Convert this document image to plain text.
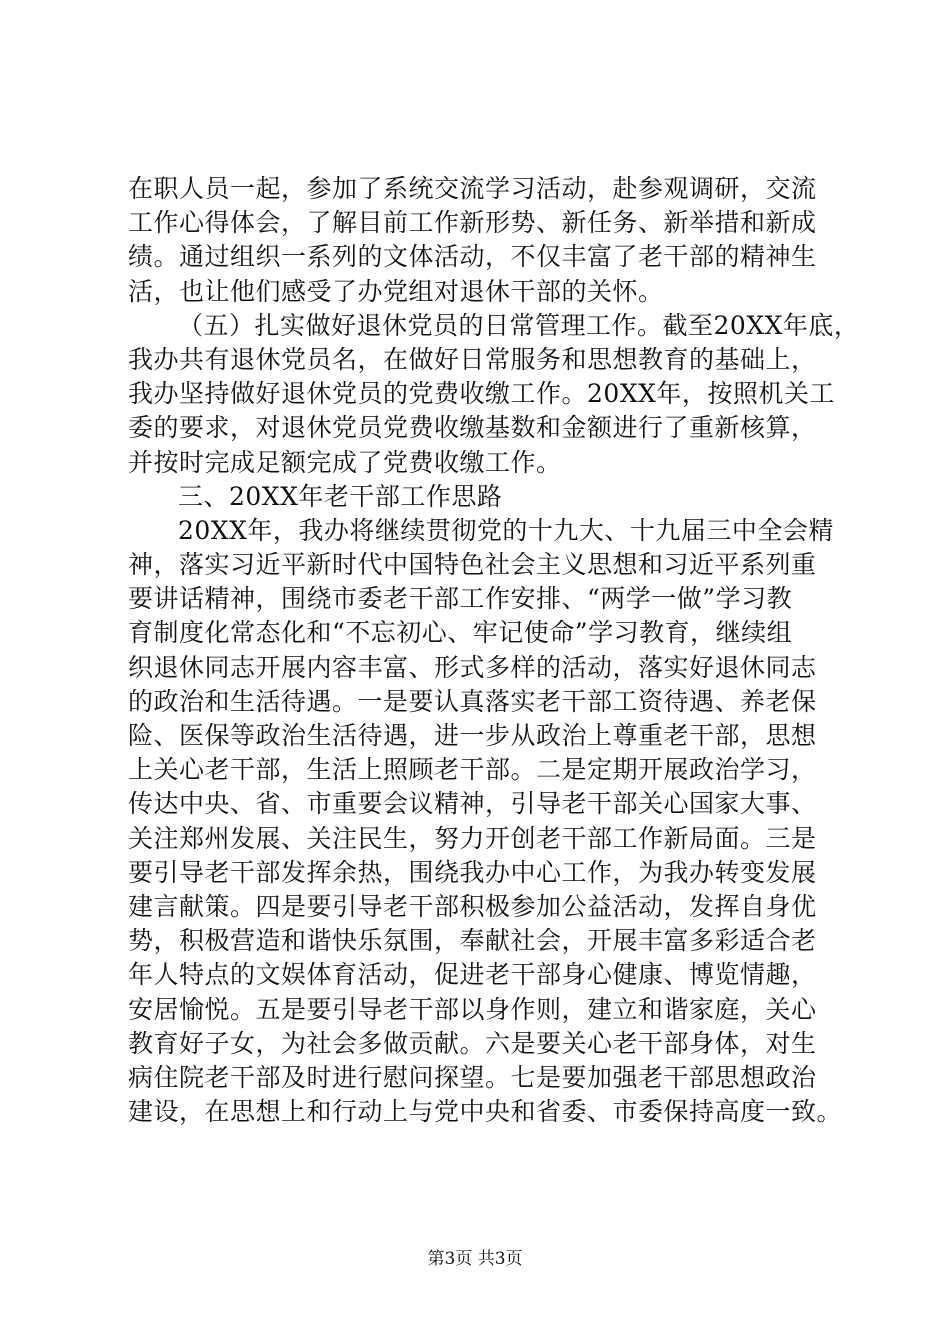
在职人员一起，参加了系统交流学习活动，赴参观调研，交流
工作心得体会，了解目前工作新形势、新任务、新举措和新成
绩。通过组织一系列的文体活动，不仅丰富了老干部的精神生
活，也让他们感受了办党组对退休干部的关怀。
（五）扎实做好退休党员的日常管理工作。截至20XX年底，
我办共有退休党员名，在做好日常服务和思想教育的基础上，
我办坚持做好退休党员的党费收缴工作。20XX年，按照机关工
委的要求，对退休党员党费收缴基数和金额进行了重新核算，
并按时完成足额完成了党费收缴工作。
三、20XX年老干部工作思路
20XX年，我办将继续贯彻党的十九大、十九届三中全会精
神，落实习近平新时代中国特色社会主义思想和习近平系列重
要讲话精神，围绕市委老干部工作安排、“两学一做”学习教
育制度化常态化和“不忘初心、牢记使命”学习教育，继续组
织退休同志开展内容丰富、形式多样的活动，落实好退休同志
的政治和生活待遇。一是要认真落实老干部工资待遇、养老保
险、医保等政治生活待遇，进一步从政治上尊重老干部，思想
上关心老干部，生活上照顾老干部。二是定期开展政治学习，
传达中央、省、市重要会议精神，引导老干部关心国家大事、
关注郑州发展、关注民生，努力开创老干部工作新局面。三是
要引导老干部发挥余热，围绕我办中心工作，为我办转变发展
建言献策。四是要引导老干部积极参加公益活动，发挥自身优
势，积极营造和谐快乐氛围，奉献社会，开展丰富多彩适合老
年人特点的文娱体育活动，促进老干部身心健康、博览情趣，
安居愉悦。五是要引导老干部以身作则，建立和谐家庭，关心
教育好子女，为社会多做贡献。六是要关心老干部身体，对生
病住院老干部及时进行慰问探望。七是要加强老干部思想政治
建设，在思想上和行动上与党中央和省委、市委保持高度一致。
第3页 共3页
